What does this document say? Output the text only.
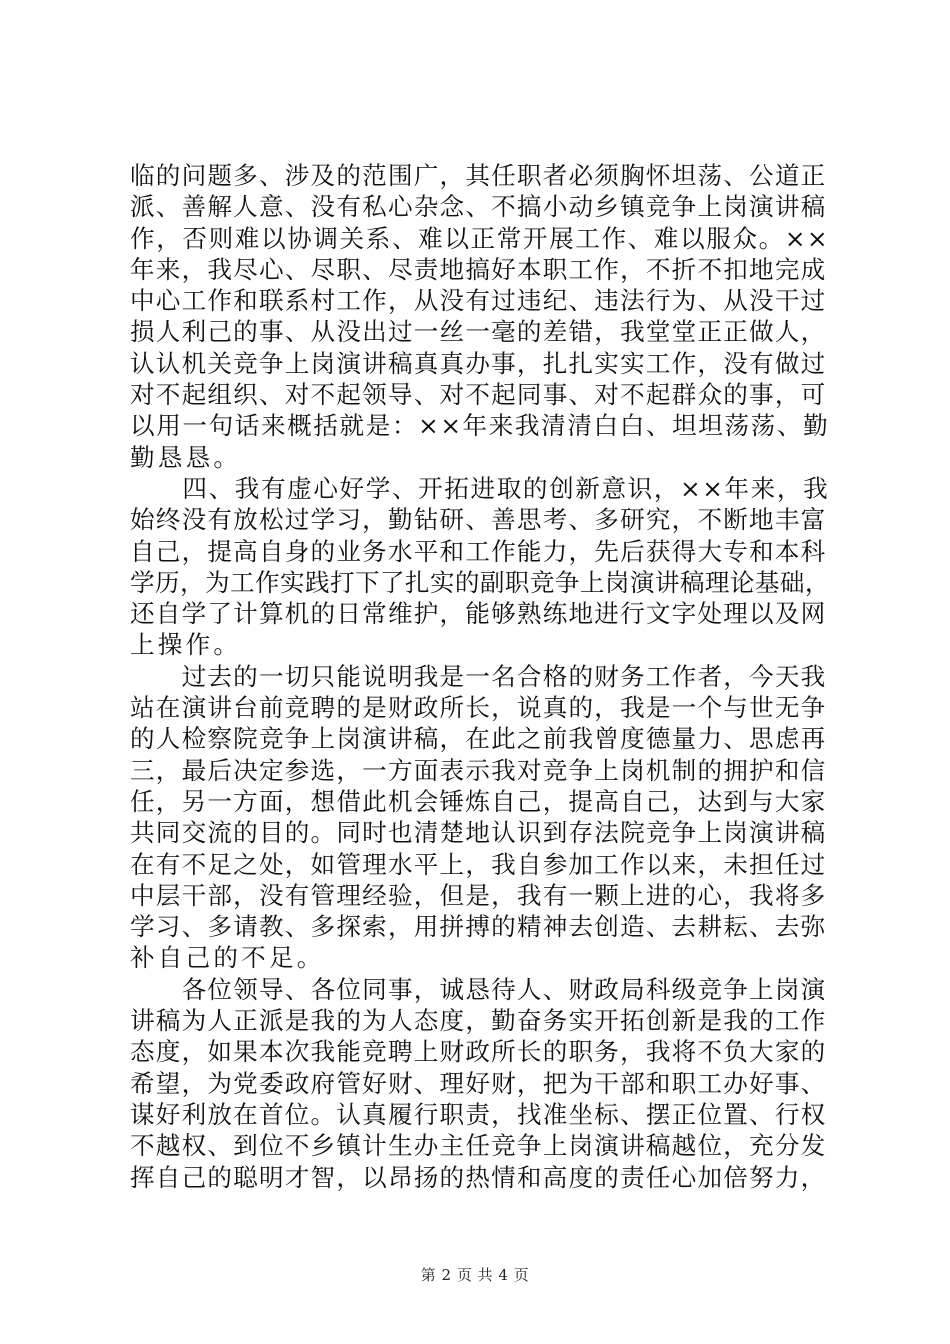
临的问题多、涉及的范围广，其任职者必须胸怀坦荡、公道正
派、善解人意、没有私心杂念、不搞小动乡镇竞争上岗演讲稿
作，否则难以协调关系、难以正常开展工作、难以服众。××
年来，我尽心、尽职、尽责地搞好本职工作，不折不扣地完成
中心工作和联系村工作，从没有过违纪、违法行为、从没干过
损人利己的事、从没出过一丝一毫的差错，我堂堂正正做人，
认认机关竞争上岗演讲稿真真办事，扎扎实实工作，没有做过
对不起组织、对不起领导、对不起同事、对不起群众的事，可
以用一句话来概括就是：××年来我清清白白、坦坦荡荡、勤
勤恳恳。
　　四、我有虚心好学、开拓进取的创新意识，××年来，我
始终没有放松过学习，勤钻研、善思考、多研究，不断地丰富
自己，提高自身的业务水平和工作能力，先后获得大专和本科
学历，为工作实践打下了扎实的副职竞争上岗演讲稿理论基础，
还自学了计算机的日常维护，能够熟练地进行文字处理以及网
上操作。
　　过去的一切只能说明我是一名合格的财务工作者，今天我
站在演讲台前竞聘的是财政所长，说真的，我是一个与世无争
的人检察院竞争上岗演讲稿，在此之前我曾度德量力、思虑再
三，最后决定参选，一方面表示我对竞争上岗机制的拥护和信
任，另一方面，想借此机会锤炼自己，提高自己，达到与大家
共同交流的目的。同时也清楚地认识到存法院竞争上岗演讲稿
在有不足之处，如管理水平上，我自参加工作以来，未担任过
中层干部，没有管理经验，但是，我有一颗上进的心，我将多
学习、多请教、多探索，用拼搏的精神去创造、去耕耘、去弥
补自己的不足。
　　各位领导、各位同事，诚恳待人、财政局科级竞争上岗演
讲稿为人正派是我的为人态度，勤奋务实开拓创新是我的工作
态度，如果本次我能竞聘上财政所长的职务，我将不负大家的
希望，为党委政府管好财、理好财，把为干部和职工办好事、
谋好利放在首位。认真履行职责，找准坐标、摆正位置、行权
不越权、到位不乡镇计生办主任竞争上岗演讲稿越位，充分发
挥自己的聪明才智，以昂扬的热情和高度的责任心加倍努力，
第 2 页 共 4 页
